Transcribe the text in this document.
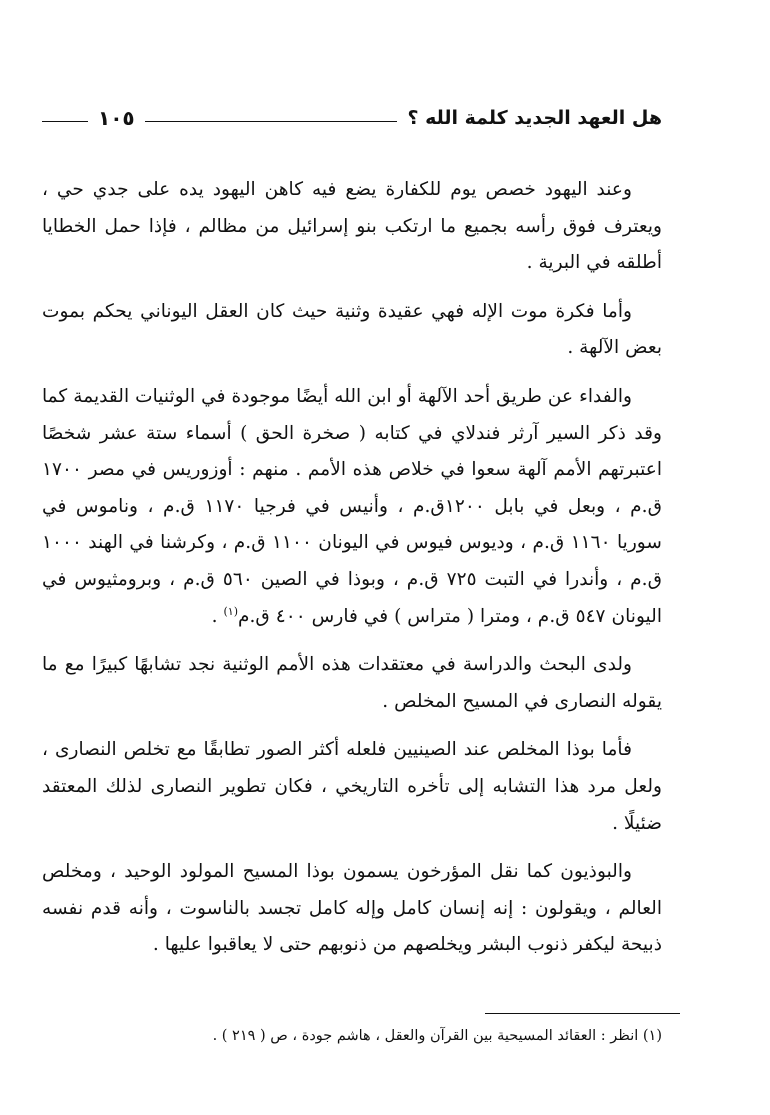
هل العهد الجديد كلمة الله ؟
١٠٥

وعند اليهود خصص يوم للكفارة يضع فيه كاهن اليهود يده على جدي حي ، ويعترف فوق رأسه بجميع ما ارتكب بنو إسرائيل من مظالم ، فإذا حمل الخطايا أطلقه في البرية .

وأما فكرة موت الإله فهي عقيدة وثنية حيث كان العقل اليوناني يحكم بموت بعض الآلهة .

والفداء عن طريق أحد الآلهة أو ابن الله أيضًا موجودة في الوثنيات القديمة كما وقد ذكر السير آرثر فندلاي في كتابه ( صخرة الحق ) أسماء ستة عشر شخصًا اعتبرتهم الأمم آلهة سعوا في خلاص هذه الأمم . منهم : أوزوريس في مصر ١٧٠٠ ق.م ، وبعل في بابل ١٢٠٠ق.م ، وأنيس في فرجيا ١١٧٠ ق.م ، وناموس في سوريا ١١٦٠ ق.م ، وديوس فيوس في اليونان ١١٠٠ ق.م ، وكرشنا في الهند ١٠٠٠ ق.م ، وأندرا في التبت ٧٢٥ ق.م ، وبوذا في الصين ٥٦٠ ق.م ، وبرومثيوس في اليونان ٥٤٧ ق.م ، ومترا ( متراس ) في فارس ٤٠٠ ق.م$^{(١)}$ .

ولدى البحث والدراسة في معتقدات هذه الأمم الوثنية نجد تشابهًا كبيرًا مع ما يقوله النصارى في المسيح المخلص .

فأما بوذا المخلص عند الصينيين فلعله أكثر الصور تطابقًا مع تخلص النصارى ، ولعل مرد هذا التشابه إلى تأخره التاريخي ، فكان تطوير النصارى لذلك المعتقد ضئيلًا .

والبوذيون كما نقل المؤرخون يسمون بوذا المسيح المولود الوحيد ، ومخلص العالم ، ويقولون : إنه إنسان كامل وإله كامل تجسد بالناسوت ، وأنه قدم نفسه ذبيحة ليكفر ذنوب البشر ويخلصهم من ذنوبهم حتى لا يعاقبوا عليها .

(١) انظر : العقائد المسيحية بين القرآن والعقل ، هاشم جودة ، ص ( ٢١٩ ) .
